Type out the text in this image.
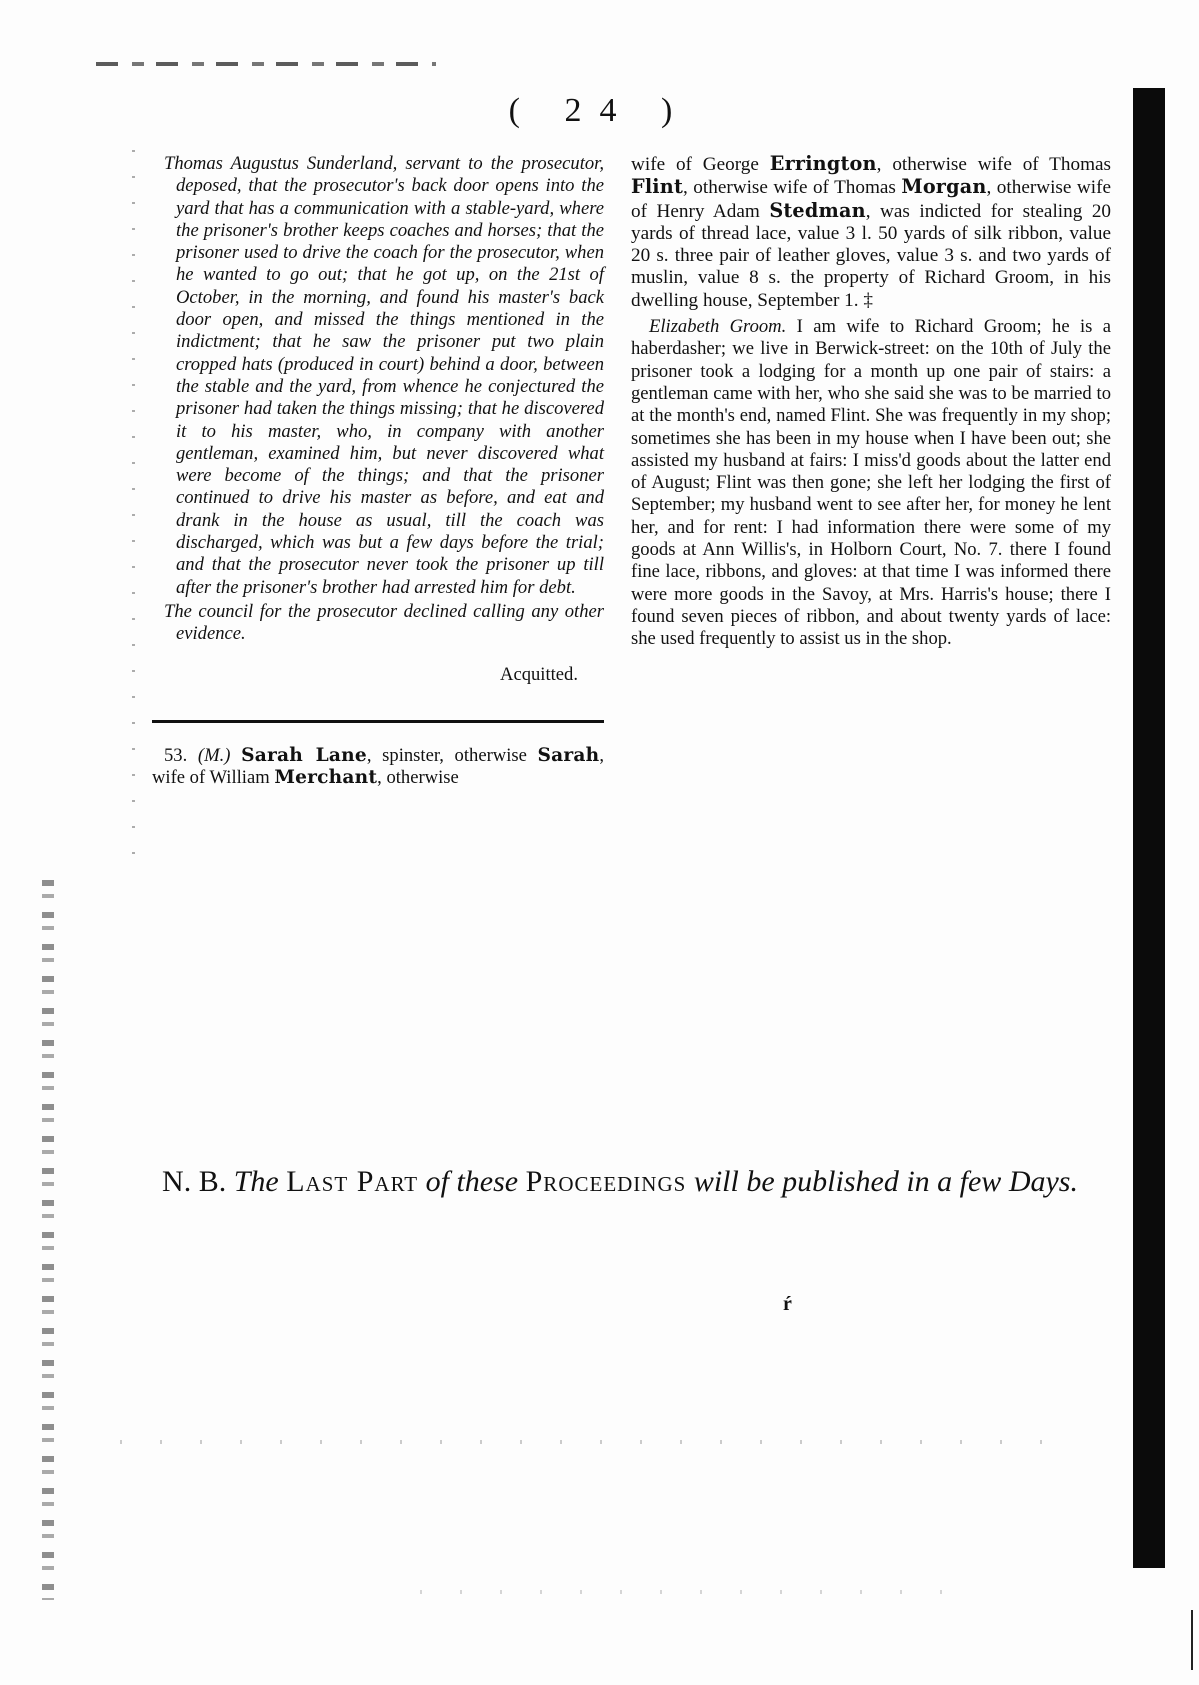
( 24 )

Thomas Augustus Sunderland, servant to the prosecutor, deposed, that the prosecutor's back door opens into the yard that has a communication with a stable-yard, where the prisoner's brother keeps coaches and horses; that the prisoner used to drive the coach for the prosecutor, when he wanted to go out; that he got up, on the 21st of October, in the morning, and found his master's back door open, and missed the things mentioned in the indictment; that he saw the prisoner put two plain cropped hats (produced in court) behind a door, between the stable and the yard, from whence he conjectured the prisoner had taken the things missing; that he discovered it to his master, who, in company with another gentleman, examined him, but never discovered what were become of the things; and that the prisoner continued to drive his master as before, and eat and drank in the house as usual, till the coach was discharged, which was but a few days before the trial; and that the prosecutor never took the prisoner up till after the prisoner's brother had arrested him for debt.

The council for the prosecutor declined calling any other evidence.

Acquitted.

53. (M.) Sarah Lane, spinster, otherwise Sarah, wife of William Merchant, otherwise

wife of George Errington, otherwise wife of Thomas Flint, otherwise wife of Thomas Morgan, otherwise wife of Henry Adam Stedman, was indicted for stealing 20 yards of thread lace, value 3 l. 50 yards of silk ribbon, value 20 s. three pair of leather gloves, value 3 s. and two yards of muslin, value 8 s. the property of Richard Groom, in his dwelling house, September 1. ‡

Elizabeth Groom. I am wife to Richard Groom; he is a haberdasher; we live in Berwick-street: on the 10th of July the prisoner took a lodging for a month up one pair of stairs: a gentleman came with her, who she said she was to be married to at the month's end, named Flint. She was frequently in my shop; sometimes she has been in my house when I have been out; she assisted my husband at fairs: I miss'd goods about the latter end of August; Flint was then gone; she left her lodging the first of September; my husband went to see after her, for money he lent her, and for rent: I had information there were some of my goods at Ann Willis's, in Holborn Court, No. 7. there I found fine lace, ribbons, and gloves: at that time I was informed there were more goods in the Savoy, at Mrs. Harris's house; there I found seven pieces of ribbon, and about twenty yards of lace: she used frequently to assist us in the shop.

N. B. The Last Part of these Proceedings will be published in a few Days.
ŕ
